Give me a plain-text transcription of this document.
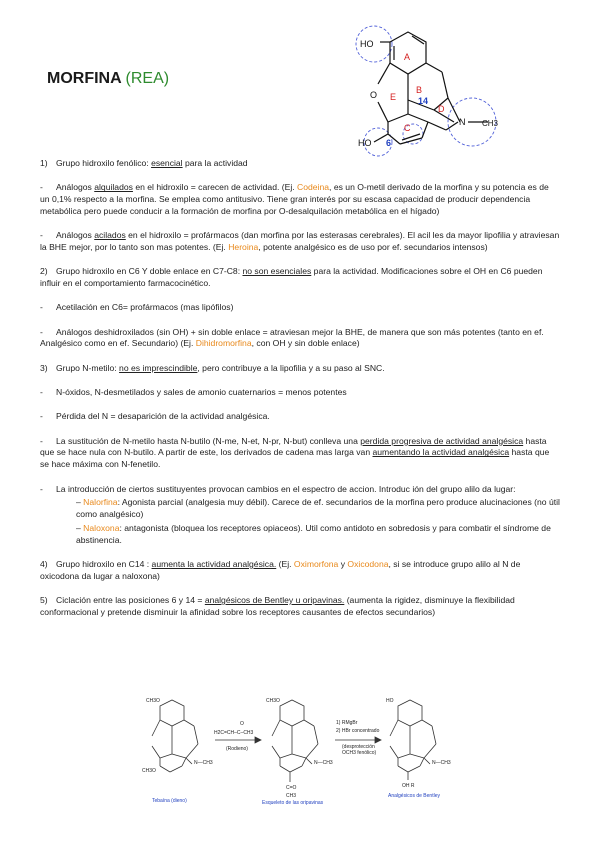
MORFINA (REA)
HO
O
HO
N CH3
A
B
C
D
E 14
6
1) Grupo hidroxilo fenólico: esencial para la actividad
- Análogos alquilados en el hidroxilo = carecen de actividad. (Ej. Codeina, es un O-metil derivado de la morfina y su potencia es de un 0,1% respecto a la morfina. Se emplea como antitusivo. Tiene gran interés por su escasa capacidad de producir dependencia metabólica pero puede conducir a la formación de morfina por O-desalquilación metabólica en el hígado)
- Análogos acilados en el hidroxilo = profármacos (dan morfina por las esterasas cerebrales). El acil les da mayor lipofilia y atraviesan la BHE mejor, por lo tanto son mas potentes. (Ej. Heroina, potente analgésico es de uso por ef. secundarios intensos)
2) Grupo hidroxilo en C6 Y doble enlace en C7-C8: no son esenciales para la actividad. Modificaciones sobre el OH en C6 pueden influir en el comportamiento farmacocinético.
- Acetilación en C6= profármacos (mas lipófilos)
- Análogos deshidroxilados (sin OH) + sin doble enlace = atraviesan mejor la BHE, de manera que son más potentes (tanto en ef. Analgésico como en ef. Secundario) (Ej. Dihidromorfina, con OH y sin doble enlace)
3) Grupo N-metilo: no es imprescindible, pero contribuye a la lipofilia y a su paso al SNC.
- N-óxidos, N-desmetilados y sales de amonio cuaternarios = menos potentes
- Pérdida del N = desaparición de la actividad analgésica.
- La sustitución de N-metilo hasta N-butilo (N-me, N-et, N-pr, N-but) conlleva una perdida progresiva de actividad analgésica hasta que se hace nula con N-butilo. A partir de este, los derivados de cadena mas larga van aumentando la actividad analgésica hasta que se hace máxima con N-fenetilo.
- La introducción de ciertos sustituyentes provocan cambios en el espectro de accion. Introduc ión del grupo alilo da lugar:
– Nalorfina: Agonista parcial (analgesia muy débil). Carece de ef. secundarios de la morfina pero produce alucinaciones (no útil como analgésico)
– Naloxona: antagonista (bloquea los receptores opiaceos). Util como antidoto en sobredosis y para combatir el síndrome de abstinencia.
4) Grupo hidroxilo en C14 : aumenta la actividad analgésica. (Ej. Oximorfona y Oxicodona, si se introduce grupo alilo al N de oxicodona da lugar a naloxona)
5) Ciclación entre las posiciones 6 y 14 = analgésicos de Bentley u oripavinas. (aumenta la rigidez, disminuye la flexibilidad conformacional y pretende disminuir la afinidad sobre los receptores causantes de efectos secundarios)
CH3O
CH3O
N—CH3
O
H2C=CH–C–CH3
(Rodieno)
CH3O
N—CH3
C=O
CH3
1) RMgBr
2) HBr concentrado
(desprotección
OCH3 fenólico)
HO
N—CH3
OH R
Tebaína (dieno)	Esqueleto de las oripavinas
Analgésicos de Bentley
